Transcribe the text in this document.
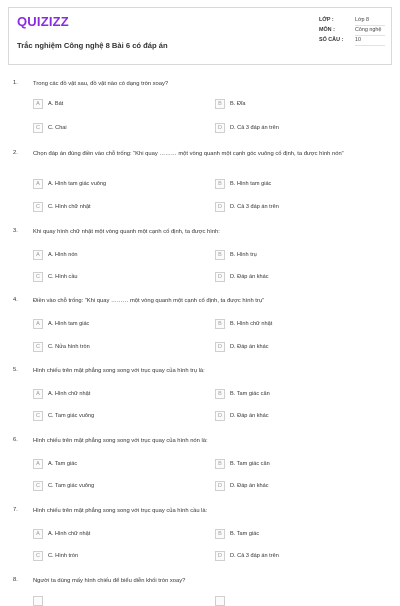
QUIZIZZ
Trắc nghiệm Công nghệ 8 Bài 6 có đáp án
LỚP :	Lớp 8
MÔN :	Công nghệ
SỐ CÂU :	10
1.	Trong các đồ vật sau, đồ vật nào có dạng tròn xoay?
A	A. Bát	B	B. Đĩa
C	C. Chai	D	D. Cả 3 đáp án trên
2.	Chọn đáp án đúng điền vào chỗ trống: “Khi quay ……… một vòng quanh một cạnh góc vuông cố định, ta được hình nón”
A	A. Hình tam giác vuông	B	B. Hình tam giác
C	C. Hình chữ nhật	D	D. Cả 3 đáp án trên
3.	Khi quay hình chữ nhật một vòng quanh một cạnh cố định, ta được hình:
A	A. Hình nón	B	B. Hình trụ
C	C. Hình cầu	D	D. Đáp án khác
4.	Điền vào chỗ trống: “Khi quay ……… một vòng quanh một cạnh cố định, ta được hình trụ”
A	A. Hình tam giác	B	B. Hình chữ nhật
C	C. Nửa hình tròn	D	D. Đáp án khác
5.	Hình chiếu trên mặt phẳng song song với trục quay của hình trụ là:
A	A. Hình chữ nhật	B	B. Tam giác cân
C	C. Tam giác vuông	D	D. Đáp án khác
6.	Hình chiếu trên mặt phẳng song song với trục quay của hình nón là:
A	A. Tam giác	B	B. Tam giác cân
C	C. Tam giác vuông	D	D. Đáp án khác
7.	Hình chiếu trên mặt phẳng song song với trục quay của hình cầu là:
A	A. Hình chữ nhật	B	B. Tam giác
C	C. Hình tròn	D	D. Cả 3 đáp án trên
8.	Người ta dùng mấy hình chiếu để biểu diễn khối tròn xoay?
